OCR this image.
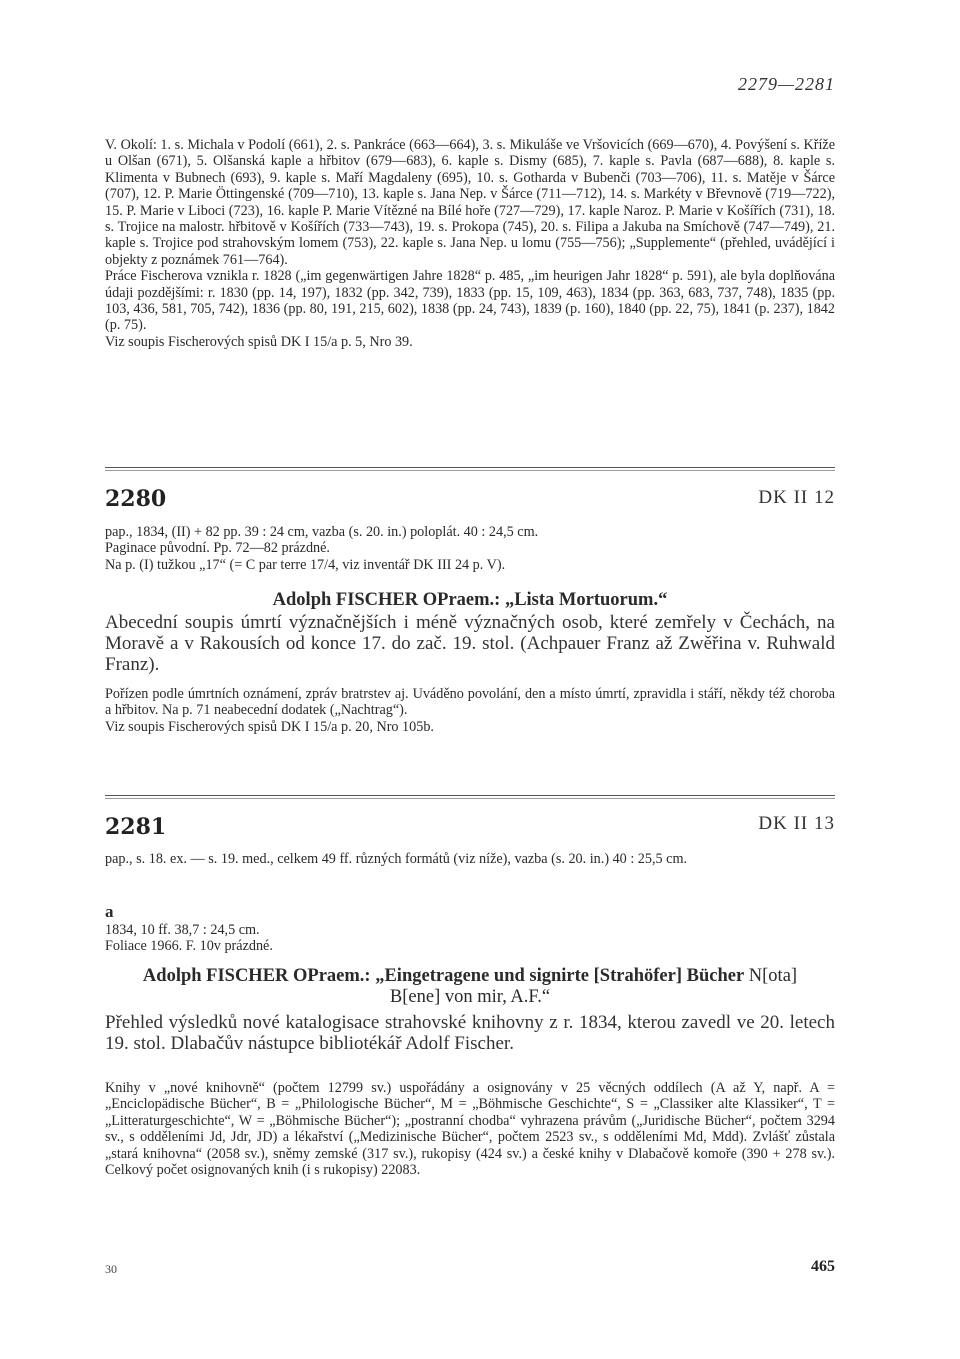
2279—2281

V. Okolí: 1. s. Michala v Podolí (661), 2. s. Pankráce (663—664), 3. s. Mikuláše ve Vršovicích (669—670), 4. Povýšení s. Kříže u Olšan (671), 5. Olšanská kaple a hřbitov (679—683), 6. kaple s. Dismy (685), 7. kaple s. Pavla (687—688), 8. kaple s. Klimenta v Bubnech (693), 9. kaple s. Maří Magdaleny (695), 10. s. Gotharda v Bubenči (703—706), 11. s. Matěje v Šárce (707), 12. P. Marie Öttingenské (709—710), 13. kaple s. Jana Nep. v Šárce (711—712), 14. s. Markéty v Břevnově (719—722), 15. P. Marie v Liboci (723), 16. kaple P. Marie Vítězné na Bílé hoře (727—729), 17. kaple Naroz. P. Marie v Košířích (731), 18. s. Trojice na malostr. hřbitově v Košířích (733—743), 19. s. Prokopa (745), 20. s. Filipa a Jakuba na Smíchově (747—749), 21. kaple s. Trojice pod strahovským lomem (753), 22. kaple s. Jana Nep. u lomu (755—756); „Supplemente“ (přehled, uvádějící i objekty z poznámek 761—764).

Práce Fischerova vznikla r. 1828 („im gegenwärtigen Jahre 1828“ p. 485, „im heurigen Jahr 1828“ p. 591), ale byla doplňována údaji pozdějšími: r. 1830 (pp. 14, 197), 1832 (pp. 342, 739), 1833 (pp. 15, 109, 463), 1834 (pp. 363, 683, 737, 748), 1835 (pp. 103, 436, 581, 705, 742), 1836 (pp. 80, 191, 215, 602), 1838 (pp. 24, 743), 1839 (p. 160), 1840 (pp. 22, 75), 1841 (p. 237), 1842 (p. 75).

Viz soupis Fischerových spisů DK I 15/a p. 5, Nro 39.

2280	DK II 12

pap., 1834, (II) + 82 pp. 39 : 24 cm, vazba (s. 20. in.) poloplát. 40 : 24,5 cm.

Paginace původní. Pp. 72—82 prázdné.

Na p. (I) tužkou „17“ (= C par terre 17/4, viz inventář DK III 24 p. V).

Adolph FISCHER OPraem.: „Lista Mortuorum.“

Abecední soupis úmrtí význačnějších i méně význačných osob, které zemřely v Čechách, na Moravě a v Rakousích od konce 17. do zač. 19. stol. (Achpauer Franz až Zwěřina v. Ruhwald Franz).

Pořízen podle úmrtních oznámení, zpráv bratrstev aj. Uváděno povolání, den a místo úmrtí, zpravidla i stáří, někdy též choroba a hřbitov. Na p. 71 neabecední dodatek („Nachtrag“).

Viz soupis Fischerových spisů DK I 15/a p. 20, Nro 105b.

2281	DK II 13

pap., s. 18. ex. — s. 19. med., celkem 49 ff. různých formátů (viz níže), vazba (s. 20. in.) 40 : 25,5 cm.

a

1834, 10 ff. 38,7 : 24,5 cm.

Foliace 1966. F. 10v prázdné.

Adolph FISCHER OPraem.: „Eingetragene und signirte [Strahöfer] Bücher N[ota] B[ene] von mir, A.F.“

Přehled výsledků nové katalogisace strahovské knihovny z r. 1834, kterou zavedl ve 20. letech 19. stol. Dlabačův nástupce bibliotékář Adolf Fischer.

Knihy v „nové knihovně“ (počtem 12799 sv.) uspořádány a osignovány v 25 věcných oddílech (A až Y, např. A = „Enciclopädische Bücher“, B = „Philologische Bücher“, M = „Böhmische Geschichte“, S = „Classiker alte Klassiker“, T = „Litteraturgeschichte“, W = „Böhmische Bücher“); „postranní chodba“ vyhrazena právům („Juridische Bücher“, počtem 3294 sv., s odděleními Jd, Jdr, JD) a lékařství („Medizinische Bücher“, počtem 2523 sv., s odděleními Md, Mdd). Zvlášť zůstala „stará knihovna“ (2058 sv.), sněmy zemské (317 sv.), rukopisy (424 sv.) a české knihy v Dlabačově komoře (390 + 278 sv.). Celkový počet osignovaných knih (i s rukopisy) 22083.

30	465
